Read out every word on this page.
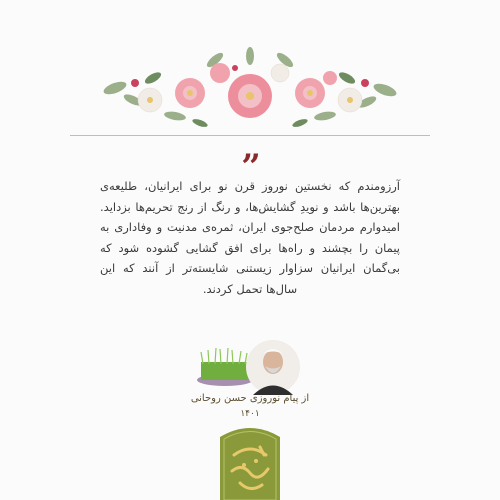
”
آرزومندم که نخستین نوروز قرن نو برای ایرانیان، طلیعه‌ی بهترین‌ها باشد و نویدِ گشایش‌ها، و رنگ از رنج تحریم‌ها بزداید. امیدوارم مردمان صلح‌جوی ایران، ثمره‌ی مدنیت و وفاداری به پیمان را بچشند و راه‌ها برای افق گشایی گشوده شود که بی‌گمان ایرانیان سزاوار زیستنی شایسته‌تر از آنند که این سال‌ها تحمل کردند.
از پیام نوروزی حسن روحانی
۱۴۰۱
